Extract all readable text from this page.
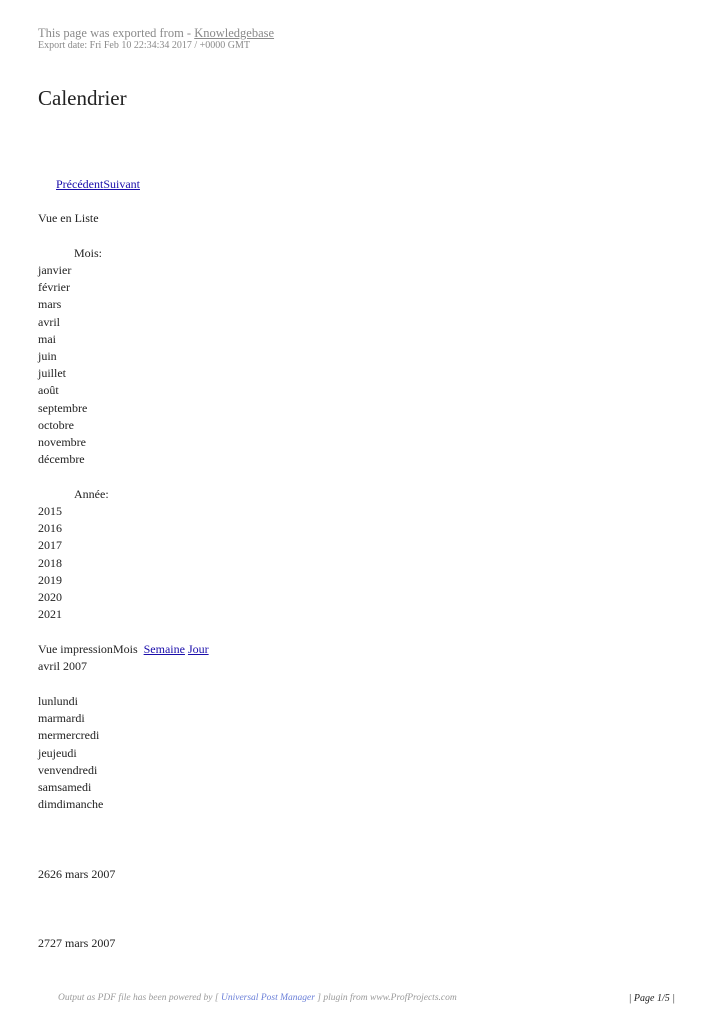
This page was exported from - Knowledgebase
Export date: Fri Feb 10 22:34:34 2017 / +0000 GMT
Calendrier
PrécédentSuivant
Vue en Liste
Mois:
janvier
février
mars
avril
mai
juin
juillet
août
septembre
octobre
novembre
décembre
Année:
2015
2016
2017
2018
2019
2020
2021
Vue impressionMois Semaine Jour
avril 2007
lunlundi
marmardi
mermercredi
jeujeudi
venvendredi
samsamedi
dimdimanche
2626 mars 2007
2727 mars 2007
Output as PDF file has been powered by [ Universal Post Manager ] plugin from www.ProfProjects.com	| Page 1/5 |
